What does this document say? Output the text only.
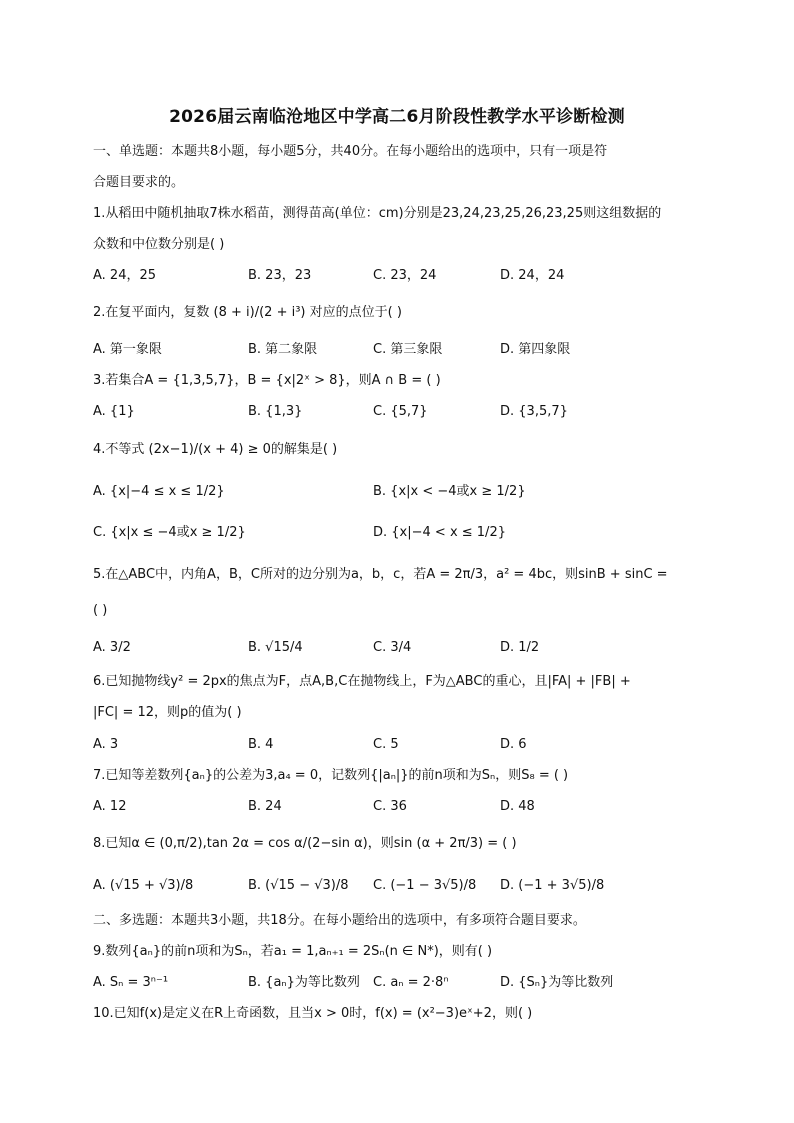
2026届云南临沧地区中学高二6月阶段性教学水平诊断检测
一、单选题：本题共8小题，每小题5分，共40分。在每小题给出的选项中，只有一项是符
合题目要求的。
1.从稻田中随机抽取7株水稻苗，测得苗高(单位：cm)分别是23,24,23,25,26,23,25则这组数据的
众数和中位数分别是( )
A. 24，25	B. 23，23	C. 23，24	D. 24，24
2.在复平面内，复数 (8 + i)/(2 + i³) 对应的点位于( )
A. 第一象限	B. 第二象限	C. 第三象限	D. 第四象限
3.若集合A = {1,3,5,7}，B = {x|2ˣ > 8}，则A ∩ B = ( )
A. {1}	B. {1,3}	C. {5,7}	D. {3,5,7}
4.不等式 (2x−1)/(x + 4) ≥ 0的解集是( )
A. {x|−4 ≤ x ≤ 1/2}	B. {x|x < −4或x ≥ 1/2}
C. {x|x ≤ −4或x ≥ 1/2}	D. {x|−4 < x ≤ 1/2}
5.在△ABC中，内角A，B，C所对的边分别为a，b，c，若A = 2π/3，a² = 4bc，则sinB + sinC =
( )
A. 3/2	B. √15/4	C. 3/4	D. 1/2
6.已知抛物线y² = 2px的焦点为F，点A,B,C在抛物线上，F为△ABC的重心，且|FA| + |FB| +
|FC| = 12，则p的值为( )
A. 3	B. 4	C. 5	D. 6
7.已知等差数列{aₙ}的公差为3,a₄ = 0，记数列{|aₙ|}的前n项和为Sₙ，则S₈ = ( )
A. 12	B. 24	C. 36	D. 48
8.已知α ∈ (0,π/2),tan 2α = cos α/(2−sin α)，则sin (α + 2π/3) = ( )
A. (√15 + √3)/8	B. (√15 − √3)/8 C. (−1 − 3√5)/8 D. (−1 + 3√5)/8
二、多选题：本题共3小题，共18分。在每小题给出的选项中，有多项符合题目要求。
9.数列{aₙ}的前n项和为Sₙ，若a₁ = 1,aₙ₊₁ = 2Sₙ(n ∈ N*)，则有( )
A. Sₙ = 3ⁿ⁻¹	B. {aₙ}为等比数列 C. aₙ = 2·8ⁿ	D. {Sₙ}为等比数列
10.已知f(x)是定义在R上奇函数，且当x > 0时，f(x) = (x²−3)eˣ+2，则( )
